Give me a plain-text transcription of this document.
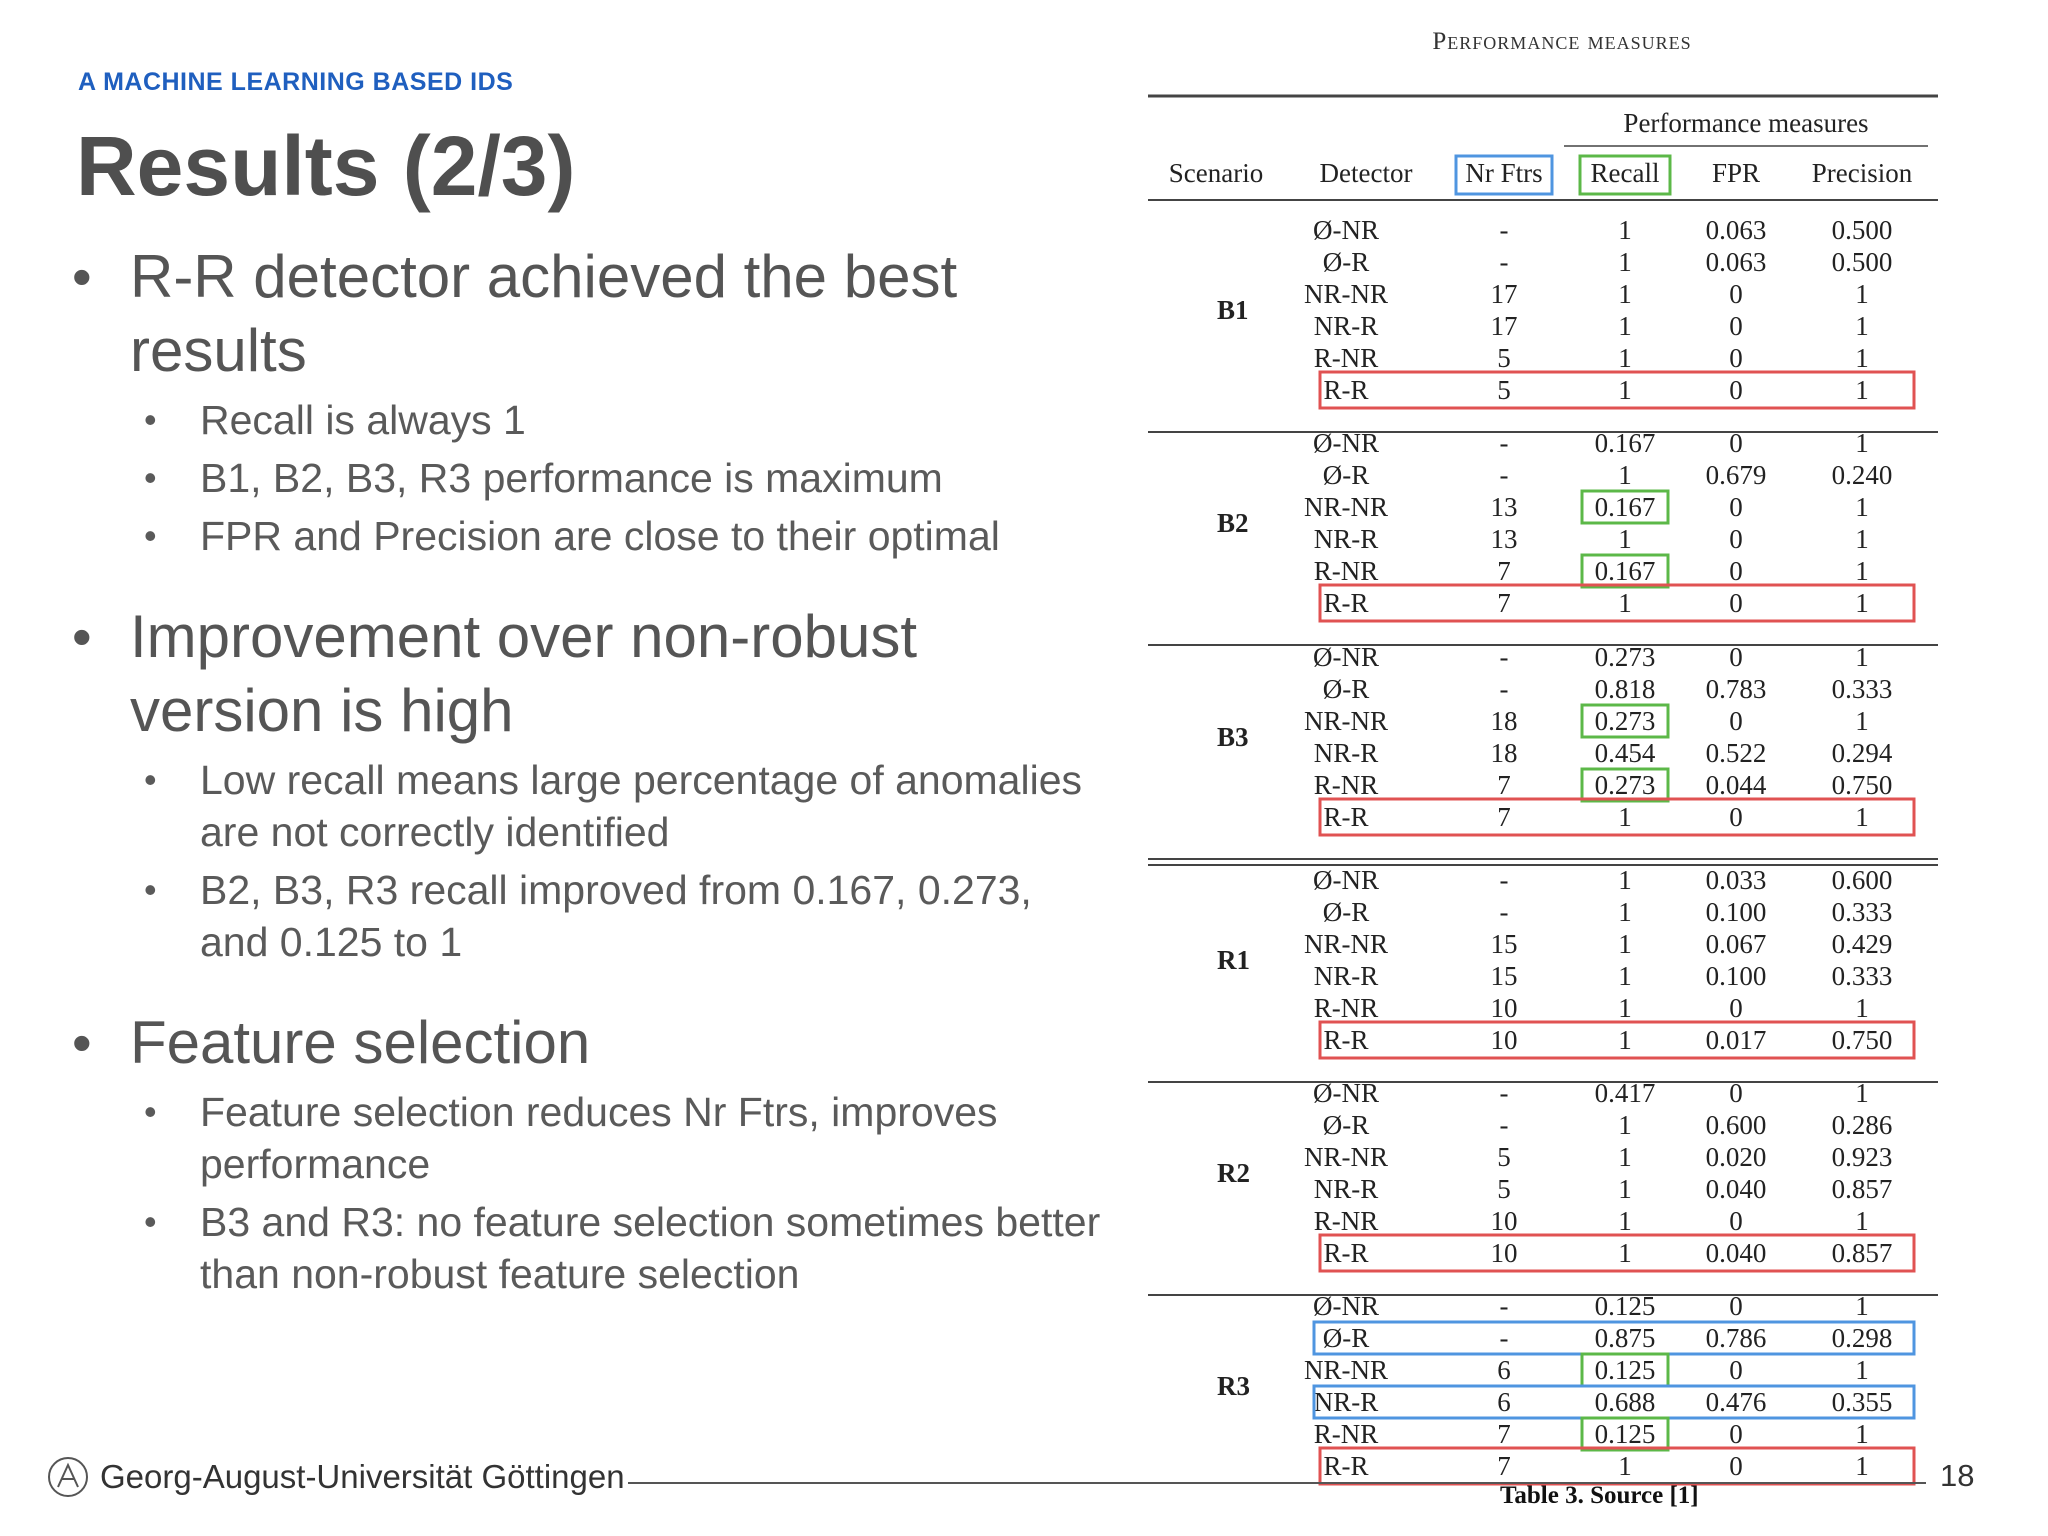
A MACHINE LEARNING BASED IDS
Results (2/3)
• R-R detector achieved the best results
• Recall is always 1
• B1, B2, B3, R3 performance is maximum
• FPR and Precision are close to their optimal
• Improvement over non-robust version is high
• Low recall means large percentage of anomalies are not correctly identified
• B2, B3, R3 recall improved from 0.167, 0.273, and 0.125 to 1
• Feature selection
• Feature selection reduces Nr Ftrs, improves performance
• B3 and R3: no feature selection sometimes better than non-robust feature selection
Performance measures
Performance measures
Scenario Detector Nr Ftrs Recall FPR Precision
B1
Ø-NR	-	1	0.063 0.500
Ø-R	-	1	0.063 0.500
NR-NR	17	1	0	1
NR-R	17	1	0	1
R-NR	5	1	0	1
R-R	5	1	0	1
B2
Ø-NR	-	0.167	0	1
Ø-R	-	1	0.679 0.240
NR-NR	13	0.167	0	1
NR-R	13	1	0	1
R-NR	7	0.167	0	1
R-R	7	1	0	1
B3
Ø-NR	-	0.273	0	1
Ø-R	-	0.818 0.783 0.333
NR-NR	18	0.273	0	1
NR-R	18	0.454 0.522 0.294
R-NR	7	0.273 0.044 0.750
R-R	7	1	0	1
R1
Ø-NR	-	1	0.033 0.600
Ø-R	-	1	0.100 0.333
NR-NR	15	1	0.067 0.429
NR-R	15	1	0.100 0.333
R-NR	10	1	0	1
R-R	10	1	0.017 0.750
R2
Ø-NR	-	0.417	0	1
Ø-R	-	1	0.600 0.286
NR-NR	5	1	0.020 0.923
NR-R	5	1	0.040 0.857
R-NR	10	1	0	1
R-R	10	1	0.040 0.857
R3
Ø-NR	-	0.125	0	1
Ø-R	-	0.875 0.786 0.298
NR-NR	6	0.125	0	1
NR-R	6	0.688 0.476 0.355
R-NR	7	0.125	0	1
R-R	7	1	0	1
Georg-August-Universität Göttingen	18
Table 3. Source [1]
